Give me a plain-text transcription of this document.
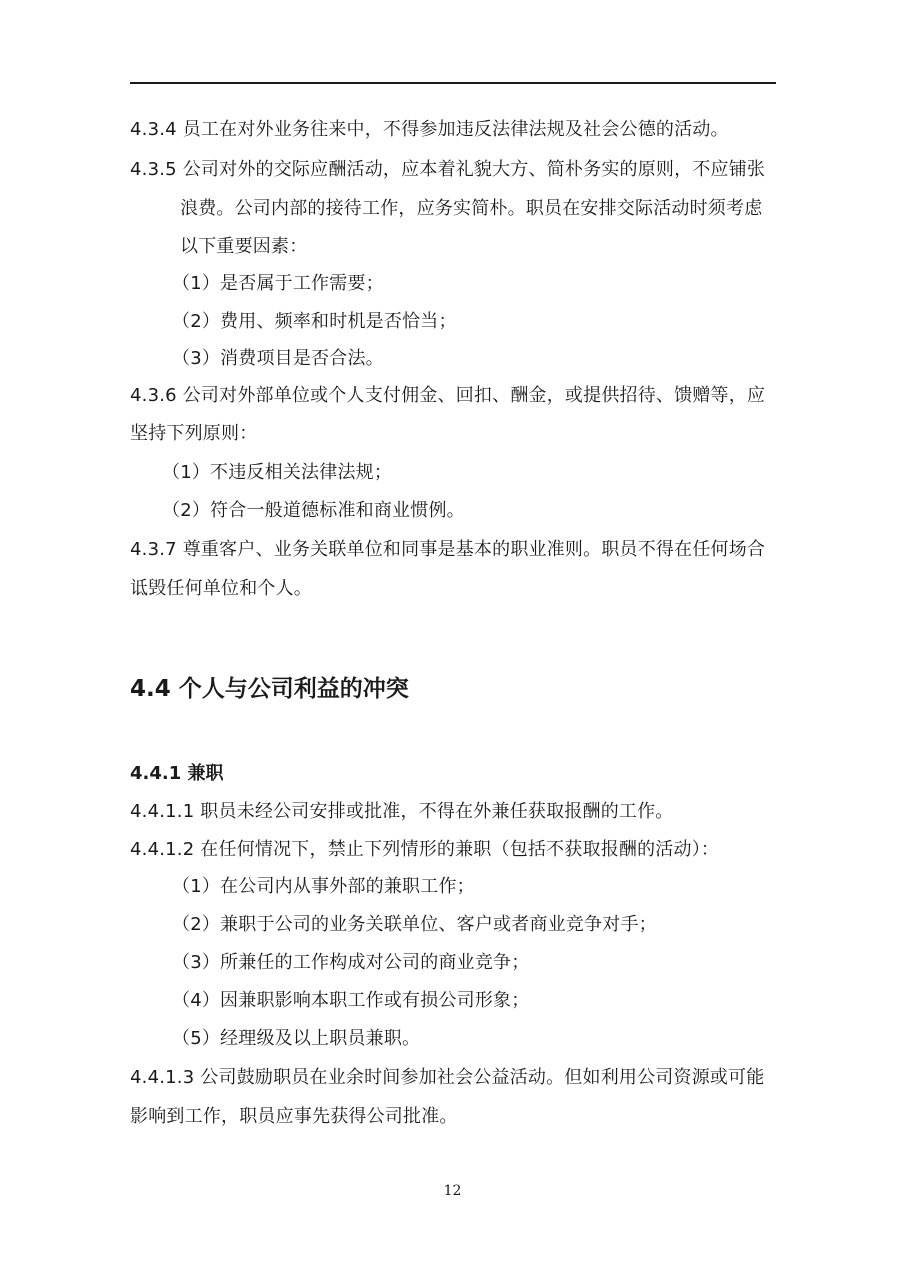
4.3.4 员工在对外业务往来中，不得参加违反法律法规及社会公德的活动。
4.3.5 公司对外的交际应酬活动，应本着礼貌大方、简朴务实的原则，不应铺张
浪费。公司内部的接待工作，应务实简朴。职员在安排交际活动时须考虑
以下重要因素：
（1）是否属于工作需要；
（2）费用、频率和时机是否恰当；
（3）消费项目是否合法。
4.3.6 公司对外部单位或个人支付佣金、回扣、酬金，或提供招待、馈赠等，应
坚持下列原则：
（1）不违反相关法律法规；
（2）符合一般道德标准和商业惯例。
4.3.7 尊重客户、业务关联单位和同事是基本的职业准则。职员不得在任何场合
诋毁任何单位和个人。
4.4 个人与公司利益的冲突
4.4.1 兼职
4.4.1.1 职员未经公司安排或批准，不得在外兼任获取报酬的工作。
4.4.1.2 在任何情况下，禁止下列情形的兼职（包括不获取报酬的活动）：
（1）在公司内从事外部的兼职工作；
（2）兼职于公司的业务关联单位、客户或者商业竞争对手；
（3）所兼任的工作构成对公司的商业竞争；
（4）因兼职影响本职工作或有损公司形象；
（5）经理级及以上职员兼职。
4.4.1.3 公司鼓励职员在业余时间参加社会公益活动。但如利用公司资源或可能
影响到工作，职员应事先获得公司批准。
12
